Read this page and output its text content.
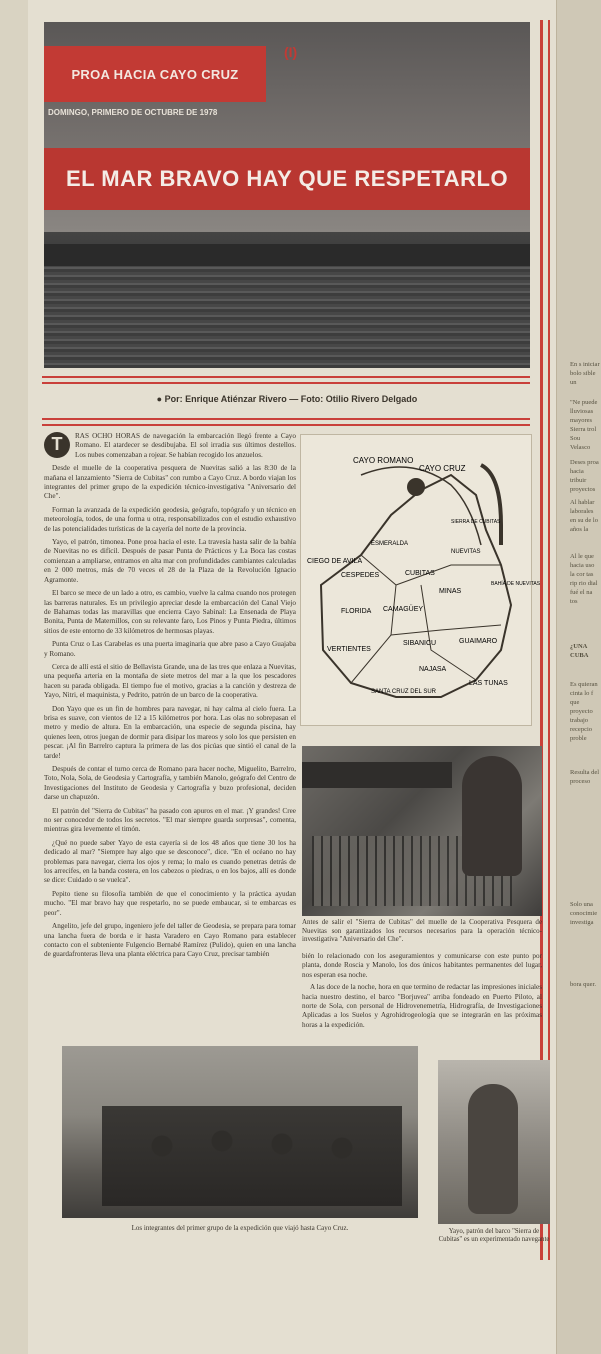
PROA HACIA CAYO CRUZ
(I)
DOMINGO, PRIMERO DE OCTUBRE DE 1978
EL MAR BRAVO HAY QUE RESPETARLO
● Por: Enrique Atiénzar Rivero — Foto: Otilio Rivero Delgado
T	RAS OCHO HORAS de navegación la embarcación llegó frente a Cayo Romano. El atardecer se desdibujaba. El sol irradia sus últimos destellos. Los nubes comenzaban a rojear. Se habían recogido los anzuelos.

Desde el muelle de la cooperativa pesquera de Nuevitas salió a las 8:30 de la mañana el lanzamiento "Sierra de Cubitas" con rumbo a Cayo Cruz. A bordo viajan los integrantes del primer grupo de la expedición técnico-investigativa "Aniversario del Che".

Forman la avanzada de la expedición geodesia, geógrafo, topógrafo y un técnico en meteorología, todos, de una forma u otra, responsabilizados con el estudio exhaustivo de las potencialidades turísticas de la cayería del norte de la provincia.

Yayo, el patrón, timonea. Pone proa hacia el este. La travesía hasta salir de la bahía de Nuevitas no es difícil. Después de pasar Punta de Prácticos y La Boca las costas comienzan a ampliarse, entramos en alta mar con profundidades cambiantes calculadas en 2 000 metros, más de 70 veces el 28 de la Plaza de la Revolución Ignacio Agramonte.

El barco se mece de un lado a otro, es cambio, vuelve la calma cuando nos protegen las barreras naturales. Es un privilegio apreciar desde la embarcación del Canal Viejo de Bahamas todas las maravillas que encierra Cayo Sabinal: La Ensenada de Playa Bonita, Punta de Maternillos, con su relevante faro, Los Pinos y Punta Piedra, últimos sitios de este entorno de 33 kilómetros de hermosas playas.

Punta Cruz o Las Carabelas es una puerta imaginaria que abre paso a Cayo Guajaba y Romano.

Cerca de allí está el sitio de Bellavista Grande, una de las tres que enlaza a Nuevitas, una pequeña arteria en la montaña de siete metros del mar a la que los pescadores hacen su parada obligada. El tiempo fue el motivo, gracias a la canción y destreza de Yayo, Nitri, el maquinista, y Pedrito, patrón de un barco de la cooperativa.

Don Yayo que es un fin de hombres para navegar, ni hay calma al cielo fuera. La brisa es suave, con vientos de 12 a 15 kilómetros por hora. Las olas no sobrepasan el metro y medio de altura. En la embarcación, una especie de segunda piscina, hay quienes leen, otros juegan de dormir para disipar los mareos y solo los que persisten en pescar. ¡Al fin Barrelro captura la primera de las dos picúas que sintió el canal de la tarde!

Después de contar el turno cerca de Romano para hacer noche, Miguelito, Barrelro, Toto, Nola, Sola, de Geodesia y Cartografía, y también Manolo, geógrafo del Centro de Investigaciones del Instituto de Geodesia y Cartografía y buzo profesional, deciden darse un chapuzón.

El patrón del "Sierra de Cubitas" ha pasado con apuros en el mar. ¡Y grandes! Cree no ser conocedor de todos los secretos. "El mar siempre guarda sorpresas", comenta, mientras gira levemente el timón.

¿Qué no puede saber Yayo de esta cayería si de los 48 años que tiene 30 los ha dedicado al mar? "Siempre hay algo que se desconoce", dice. "En el océano no hay problemas para navegar, cierra los ojos y rema; lo malo es cuando penetras detrás de los arrecifes, en la banda costera, en los cabezos o piedras, o en los bajos, allí es donde se dice: Cuidado o se vuelca".

Pepito tiene su filosofía también de que el conocimiento y la práctica ayudan mucho. "El mar bravo hay que respetarlo, no se puede embaucar, si te embarcas es peor".

Angelito, jefe del grupo, ingeniero jefe del taller de Geodesia, se prepara para tomar una lancha fuera de borda e ir hasta Varadero en Cayo Romano para establecer contacto con el subteniente Fulgencio Bernabé Ramírez (Pulido), quien en una lancha de guardafronteras lleva una planta eléctrica para Cayo Cruz, precisar también

CAYO ROMANO
CAYO CRUZ
CIEGO DE AVILA
ESMERALDA
CESPEDES	CUBITAS
NUEVITAS
MINAS
FLORIDA CAMAGÜEY
GUAIMARO
VERTIENTES
SIBANICU
NAJASA
LAS TUNAS
SANTA CRUZ DEL SUR
SIERRA DE CUBITAS
BAHÍA DE NUEVITAS
Antes de salir el "Sierra de Cubitas" del muelle de la Cooperativa Pesquera de Nuevitas son garantizados los recursos necesarios para la operación técnico-investigativa "Aniversario del Che".

bién lo relacionado con los aseguramientos y comunicarse con este punto por planta, donde Roscia y Manolo, los dos únicos habitantes permanentes del lugar, nos esperan esa noche.

A las doce de la noche, hora en que termino de redactar las impresiones iniciales hacia nuestro destino, el barco "Borjuvea" arriba fondeado en Puerto Piloto, al norte de Sola, con personal de Hidrovenemetría, Hidrografía, de Investigaciones Aplicadas a los Suelos y Agrohidrogeología que se integrarán en las próximas horas a la expedición.

Los integrantes del primer grupo de la expedición que viajó hasta Cayo Cruz.	Yayo, patrón del barco "Sierra de Cubitas" es un experimentado navegante
En s iniciar bolo sible un
"Ne puede lluviosas mayores Sierra trol Sou Velasco
Deses proa hacia tribuir proyectos
Al hablar laborales en su de lo años la
Al le que hacia uso la cor tas rip rio dial fué el na tos
¿UNA CUBA
Es quieran cinta lo f que proyecto trabajo recepcio proble
Resulta del proceso
Solo una conocimie investiga
bora quer.
